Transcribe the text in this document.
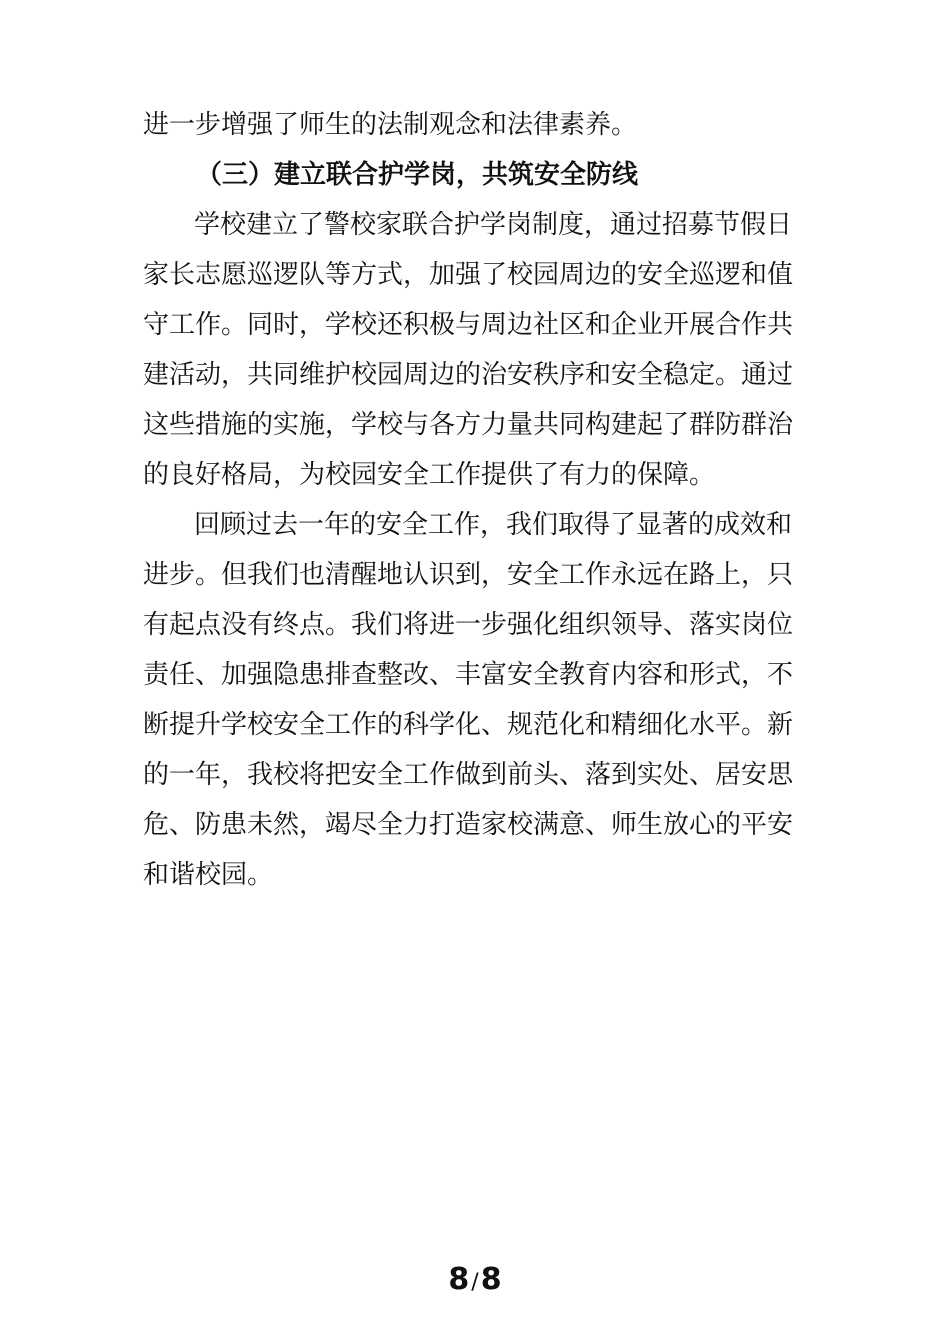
进一步增强了师生的法制观念和法律素养。
（三）建立联合护学岗，共筑安全防线
学校建立了警校家联合护学岗制度，通过招募节假日
家长志愿巡逻队等方式，加强了校园周边的安全巡逻和值
守工作。同时，学校还积极与周边社区和企业开展合作共
建活动，共同维护校园周边的治安秩序和安全稳定。通过
这些措施的实施，学校与各方力量共同构建起了群防群治
的良好格局，为校园安全工作提供了有力的保障。
回顾过去一年的安全工作，我们取得了显著的成效和
进步。但我们也清醒地认识到，安全工作永远在路上，只
有起点没有终点。我们将进一步强化组织领导、落实岗位
责任、加强隐患排查整改、丰富安全教育内容和形式，不
断提升学校安全工作的科学化、规范化和精细化水平。新
的一年，我校将把安全工作做到前头、落到实处、居安思
危、防患未然，竭尽全力打造家校满意、师生放心的平安
和谐校园。
8/8
